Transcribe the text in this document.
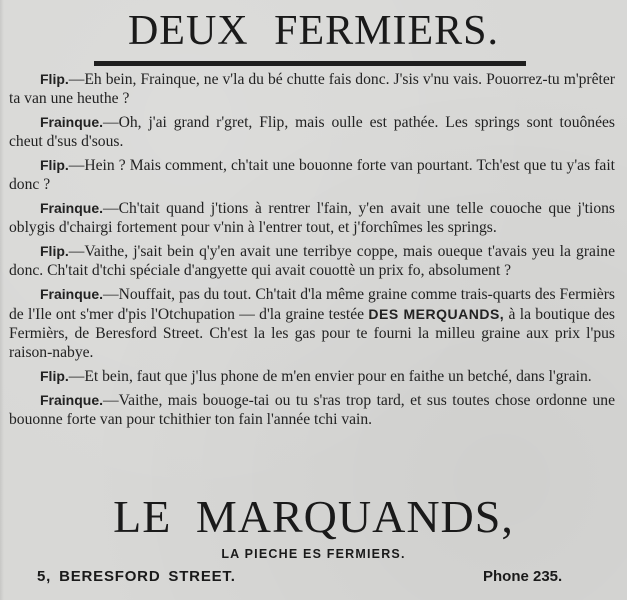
DEUX FERMIERS.

Flip.—Eh bein, Frainque, ne v'la du bé chutte fais donc. J'sis v'nu vais. Pouorrez-tu m'prêter ta van une heuthe ?

Frainque.—Oh, j'ai grand r'gret, Flip, mais oulle est pathée. Les springs sont touônées cheut d'sus d'sous.

Flip.—Hein ? Mais comment, ch'tait une bouonne forte van pourtant. Tch'est que tu y'as fait donc ?

Frainque.—Ch'tait quand j'tions à rentrer l'fain, y'en avait une telle couoche que j'tions oblygis d'chairgi fortement pour v'nin à l'entrer tout, et j'forchîmes les springs.

Flip.—Vaithe, j'sait bein q'y'en avait une terribye coppe, mais oueque t'avais yeu la graine donc. Ch'tait d'tchi spéciale d'angyette qui avait couottè un prix fo, absolument ?

Frainque.—Nouffait, pas du tout. Ch'tait d'la même graine comme trais-quarts des Fermièrs de l'Ile ont s'mer d'pis l'Otchupation — d'la graine testée DES MERQUANDS, à la boutique des Fermièrs, de Beresford Street. Ch'est la les gas pour te fourni la milleu graine aux prix l'pus raison-nabye.

Flip.—Et bein, faut que j'lus phone de m'en envier pour en faithe un betché, dans l'grain.

Frainque.—Vaithe, mais bouoge-tai ou tu s'ras trop tard, et sus toutes chose ordonne une bouonne forte van pour tchithier ton fain l'année tchi vain.

LE MARQUANDS,
LA PIECHE ES FERMIERS.
5, BERESFORD STREET.	Phone 235.
